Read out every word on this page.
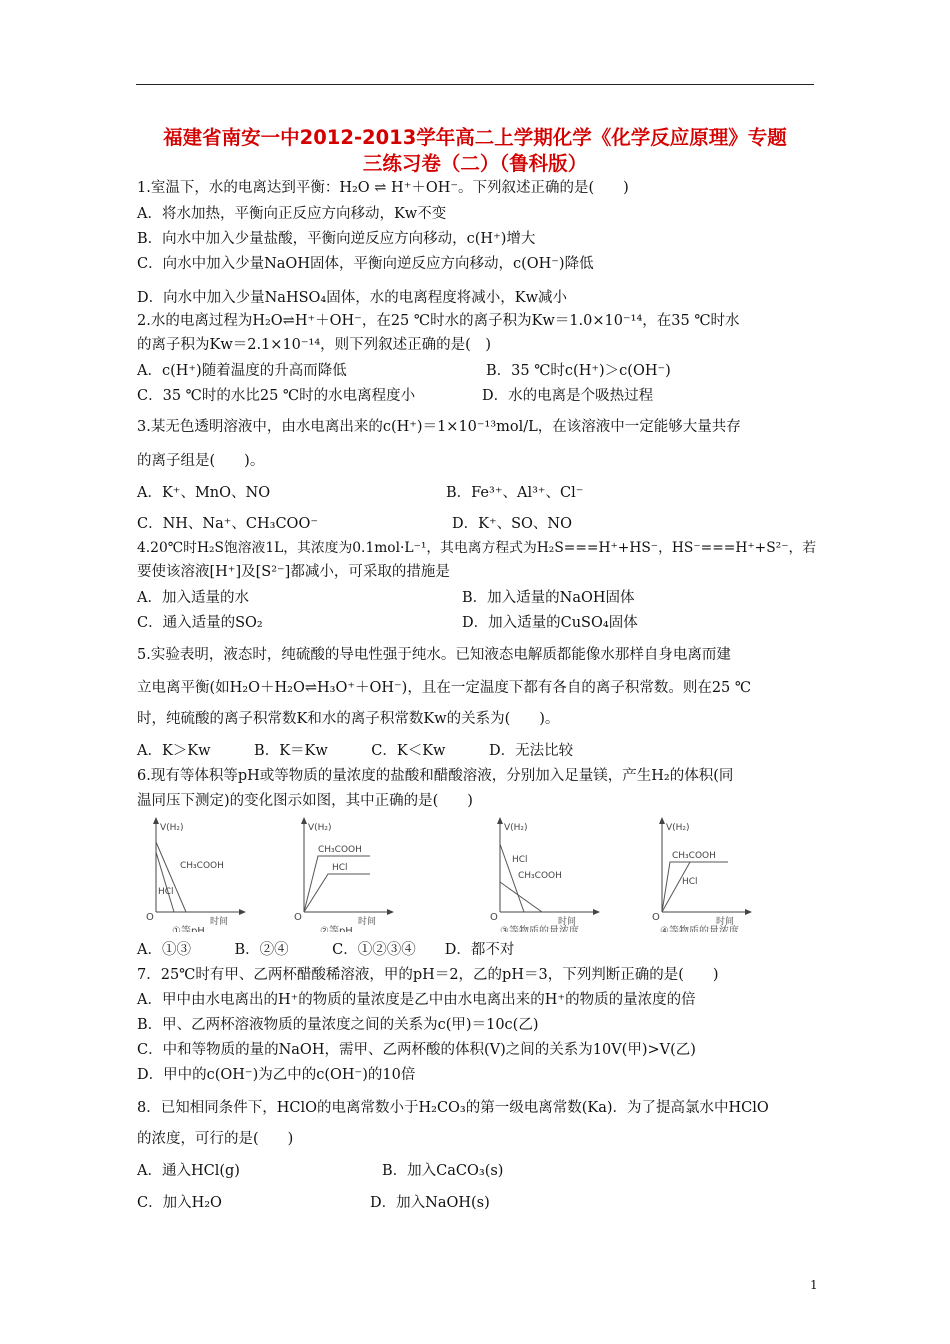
福建省南安一中2012-2013学年高二上学期化学《化学反应原理》专题
三练习卷（二）（鲁科版）
1.室温下，水的电离达到平衡：H₂O ⇌ H⁺＋OH⁻。下列叙述正确的是(　　)
A．将水加热，平衡向正反应方向移动，Kw不变
B．向水中加入少量盐酸，平衡向逆反应方向移动，c(H⁺)增大
C．向水中加入少量NaOH固体，平衡向逆反应方向移动，c(OH⁻)降低
D．向水中加入少量NaHSO₄固体，水的电离程度将减小，Kw减小
2.水的电离过程为H₂O⇌H⁺＋OH⁻，在25 ℃时水的离子积为Kw＝1.0×10⁻¹⁴，在35 ℃时水
的离子积为Kw＝2.1×10⁻¹⁴，则下列叙述正确的是(　)
A．c(H⁺)随着温度的升高而降低	B．35 ℃时c(H⁺)＞c(OH⁻)
C．35 ℃时的水比25 ℃时的水电离程度小	D．水的电离是个吸热过程
3.某无色透明溶液中，由水电离出来的c(H⁺)＝1×10⁻¹³mol/L，在该溶液中一定能够大量共存
的离子组是(　　)。
A．K⁺、MnO、NO	B．Fe³⁺、Al³⁺、Cl⁻
C．NH、Na⁺、CH₃COO⁻	D．K⁺、SO、NO
4.20℃时H₂S饱溶液1L，其浓度为0.1mol·L⁻¹，其电离方程式为H₂S===H⁺+HS⁻，HS⁻===H⁺+S²⁻，若
要使该溶液[H⁺]及[S²⁻]都减小，可采取的措施是
A．加入适量的水	B．加入适量的NaOH固体
C．通入适量的SO₂	D．加入适量的CuSO₄固体
5.实验表明，液态时，纯硫酸的导电性强于纯水。已知液态电解质都能像水那样自身电离而建
立电离平衡(如H₂O＋H₂O⇌H₃O⁺＋OH⁻)，且在一定温度下都有各自的离子积常数。则在25 ℃
时，纯硫酸的离子积常数K和水的离子积常数Kw的关系为(　　)。
A．K＞Kw　　　B．K＝Kw　　　C．K＜Kw　　　D．无法比较
6.现有等体积等pH或等物质的量浓度的盐酸和醋酸溶液，分别加入足量镁，产生H₂的体积(同
温同压下测定)的变化图示如图，其中正确的是(　　)
V(H₂)
O	时间
CH₃COOH
HCl
①等pH
V(H₂)
O	时间
CH₃COOH
HCl
②等pH
V(H₂)
O	时间
HCl
CH₃COOH
③等物质的量浓度
V(H₂)
O	时间
CH₃COOH
HCl
④等物质的量浓度
A．①③　　　B．②④　　　C．①②③④　　D．都不对
7．25℃时有甲、乙两杯醋酸稀溶液，甲的pH＝2，乙的pH＝3，下列判断正确的是(　　)
A．甲中由水电离出的H⁺的物质的量浓度是乙中由水电离出来的H⁺的物质的量浓度的倍
B．甲、乙两杯溶液物质的量浓度之间的关系为c(甲)＝10c(乙)
C．中和等物质的量的NaOH，需甲、乙两杯酸的体积(V)之间的关系为10V(甲)>V(乙)
D．甲中的c(OH⁻)为乙中的c(OH⁻)的10倍
8．已知相同条件下，HClO的电离常数小于H₂CO₃的第一级电离常数(Ka)．为了提高氯水中HClO
的浓度，可行的是(　　)
A．通入HCl(g)	B．加入CaCO₃(s)
C．加入H₂O	D．加入NaOH(s)
1
